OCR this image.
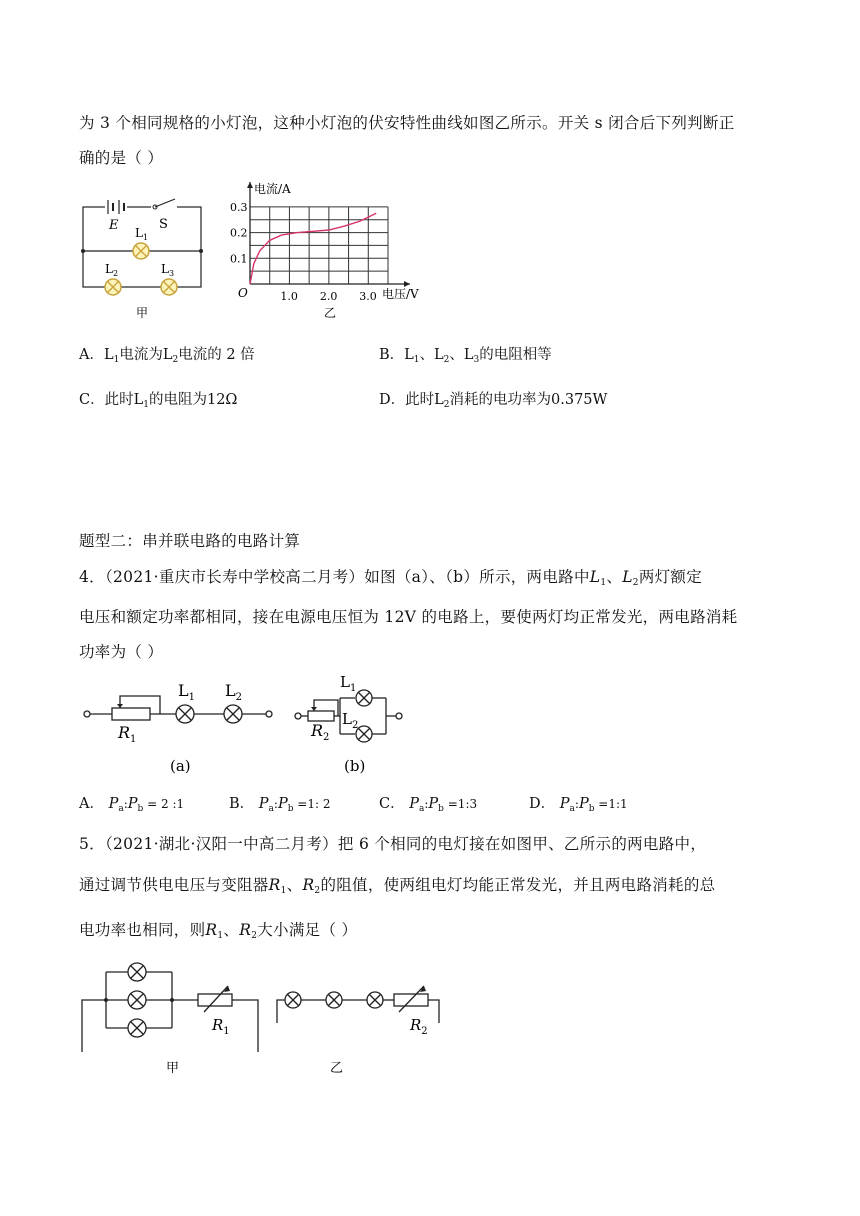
为 3 个相同规格的小灯泡，这种小灯泡的伏安特性曲线如图乙所示。开关 s 闭合后下列判断正
确的是（ ）
E	S
$L_1$
$L_2$	$L_3$
甲
0.1
0.2
0.3
1.0 2.0 3.0
电流/A
电压/V
O
乙
A．$L_1$电流为$L_2$电流的 2 倍	B．$L_1$、$L_2$、$L_3$的电阻相等
C．此时$L_1$的电阻为12Ω	D．此时$L_2$消耗的电功率为0.375W
题型二：串并联电路的电路计算
4．（2021·重庆市长寿中学校高二月考）如图（a）、（b）所示，两电路中$L_1$、$L_2$两灯额定
电压和额定功率都相同，接在电源电压恒为 12V 的电路上，要使两灯均正常发光，两电路消耗
功率为（ ）
$L_1$ $L_2$
$R_1$
(a)
$L_1$
$L_2$
$R_2$
(b)
A． $P_a:P_b = 2$ :1	B． $P_a:P_b =1$: 2	C． $P_a:P_b$ =1:3	D． $P_a:P_b$ =1:1
5．（2021·湖北·汉阳一中高二月考）把 6 个相同的电灯接在如图甲、乙所示的两电路中，
通过调节供电电压与变阻器$R_1$、$R_2$的阻值，使两组电灯均能正常发光，并且两电路消耗的总
电功率也相同，则$R_1$、$R_2$大小满足（ ）
$R_1$
甲
$R_2$
乙
